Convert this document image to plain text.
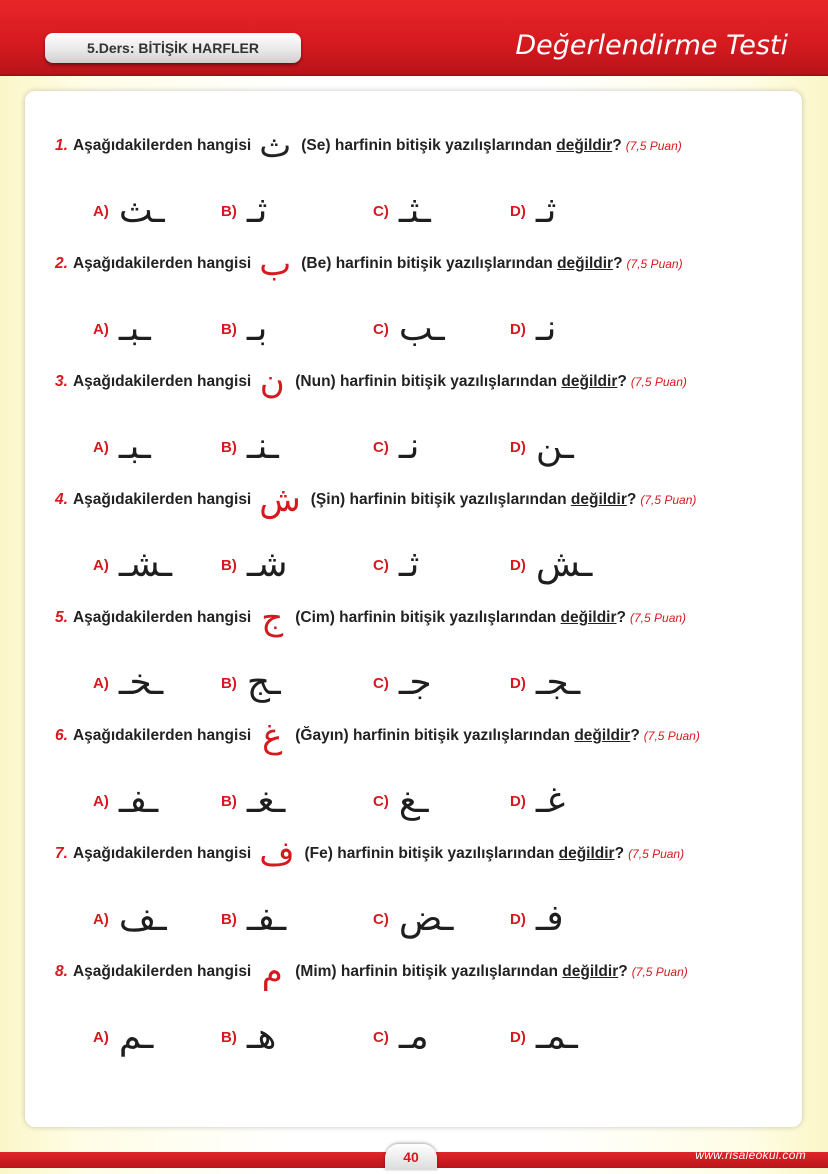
5.Ders: BİTİŞİK HARFLER	Değerlendirme Testi
1. Aşağıdakilerden hangisi ث (Se)
harfinin bitişik yazılışlarından
değildir ? (7,5 Puan)
A) ـث	B) ثـ	C) ـثـ	D) ثـ
2. Aşağıdakilerden hangisi ب (Be)
harfinin bitişik yazılışlarından
değildir ? (7,5 Puan)
A) ـبـ	B) بـ	C) ـب	D) نـ
3. Aşağıdakilerden hangisi ن (Nun)
harfinin bitişik yazılışlarından
değildir ? (7,5 Puan)
A) ـبـ	B) ـنـ	C) نـ	D) ـن
4. Aşağıdakilerden hangisi ش (Şin)
harfinin bitişik yazılışlarından
değildir ? (7,5 Puan)
A) ـشـ	B) شـ	C) ثـ	D) ـش
5. Aşağıdakilerden hangisi ج (Cim)
harfinin bitişik yazılışlarından
değildir ? (7,5 Puan)
A) ـخـ	B) ـج	C) جـ	D) ـجـ
6. Aşağıdakilerden hangisi غ (Ğayın)
harfinin bitişik yazılışlarından
değildir ? (7,5 Puan)
A) ـفـ	B) ـغـ	C) ـغ	D) غـ
7. Aşağıdakilerden hangisi ف (Fe)
harfinin bitişik yazılışlarından
değildir ? (7,5 Puan)
A) ـف	B) ـفـ	C) ـض	D) فـ
8. Aşağıdakilerden hangisi م (Mim)
harfinin bitişik yazılışlarından
değildir ? (7,5 Puan)
A) ـم	B) هـ	C) مـ	D) ـمـ
www.risaleokul.com
40
